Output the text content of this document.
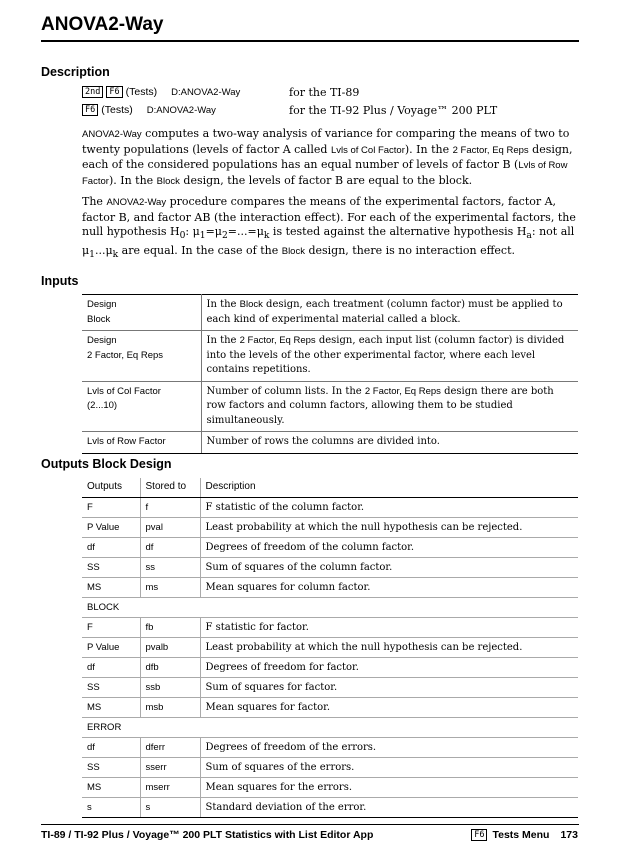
ANOVA2-Way
Description
2nd	F6 (Tests) D:ANOVA2-Way	for the TI-89
F6 (Tests) D:ANOVA2-Way	for the TI-92 Plus / Voyage™ 200 PLT

ANOVA2-Way computes a two-way analysis of variance for comparing the means of two to twenty populations (levels of factor A called Lvls of Col Factor). In the 2 Factor, Eq Reps design, each of the considered populations has an equal number of levels of factor B (Lvls of Row Factor). In the Block design, the levels of factor B are equal to the block.

The ANOVA2-Way procedure compares the means of the experimental factors, factor A, factor B, and factor AB (the interaction effect). For each of the experimental factors, the null hypothesis $H_0$: $\mu_1=\mu_2=...=\mu_k$ is tested against the alternative hypothesis $H_a$: not all $\mu_1...\mu_k$ are equal. In the case of the Block design, there is no interaction effect.

Inputs
Design
Block	In the Block design, each treatment (column factor) must be applied to each kind of experimental material called a block.

Design
2 Factor, Eq Reps	In the 2 Factor, Eq Reps design, each input list (column factor) is divided into the levels of the other experimental factor, where each level contains repetitions.

Lvls of Col Factor
(2...10)	Number of column lists. In the 2 Factor, Eq Reps design there are both row factors and column factors, allowing them to be studied simultaneously.

Lvls of Row Factor	Number of rows the columns are divided into.
Outputs Block Design
Outputs	Stored to	Description
F	f	F statistic of the column factor.
P Value	pval	Least probability at which the null hypothesis can be rejected.
df	df	Degrees of freedom of the column factor.
SS	ss	Sum of squares of the column factor.
MS	ms	Mean squares for column factor.
BLOCK		
F	fb	F statistic for factor.
P Value	pvalb	Least probability at which the null hypothesis can be rejected.
df	dfb	Degrees of freedom for factor.
SS	ssb	Sum of squares for factor.
MS	msb	Mean squares for factor.
ERROR		
df	dferr	Degrees of freedom of the errors.
SS	sserr	Sum of squares of the errors.
MS	mserr	Mean squares for the errors.
s	s	Standard deviation of the error.
TI-89 / TI-92 Plus / Voyage™ 200 PLT Statistics with List Editor App	F6 Tests Menu 173
